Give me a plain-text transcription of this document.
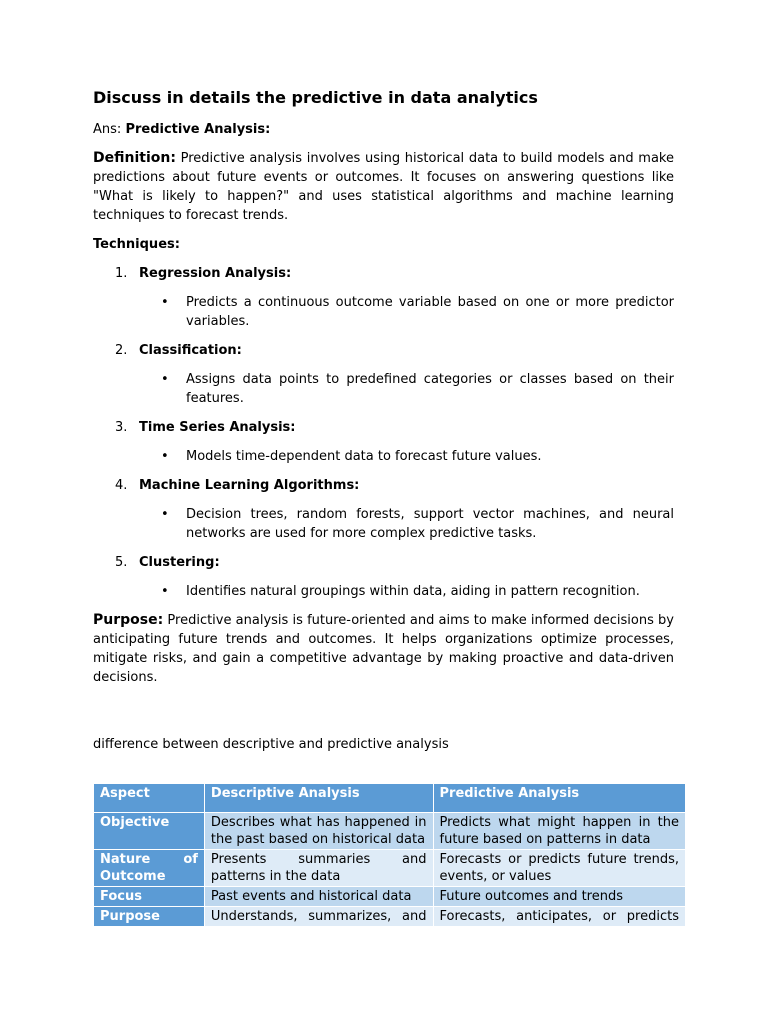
Discuss in details the predictive in data analytics

Ans: Predictive Analysis:

Definition: Predictive analysis involves using historical data to build models and make predictions about future events or outcomes. It focuses on answering questions like "What is likely to happen?" and uses statistical algorithms and machine learning techniques to forecast trends.

Techniques:

1. Regression Analysis:
• Predicts a continuous outcome variable based on one or more predictor variables.
2. Classification:
• Assigns data points to predefined categories or classes based on their features.
3. Time Series Analysis:
• Models time-dependent data to forecast future values.
4. Machine Learning Algorithms:
• Decision trees, random forests, support vector machines, and neural networks are used for more complex predictive tasks.
5. Clustering:
• Identifies natural groupings within data, aiding in pattern recognition.

Purpose: Predictive analysis is future-oriented and aims to make informed decisions by anticipating future trends and outcomes. It helps organizations optimize processes, mitigate risks, and gain a competitive advantage by making proactive and data-driven decisions.

difference between descriptive and predictive analysis

Aspect	Descriptive Analysis	Predictive Analysis
Objective	Describes what has happened in the past based on historical data	Predicts what might happen in the future based on patterns in data
Nature of Outcome	Presents summaries and patterns in the data	Forecasts or predicts future trends, events, or values
Focus	Past events and historical data	Future outcomes and trends
Purpose	Understands, summarizes, and	Forecasts, anticipates, or predicts
